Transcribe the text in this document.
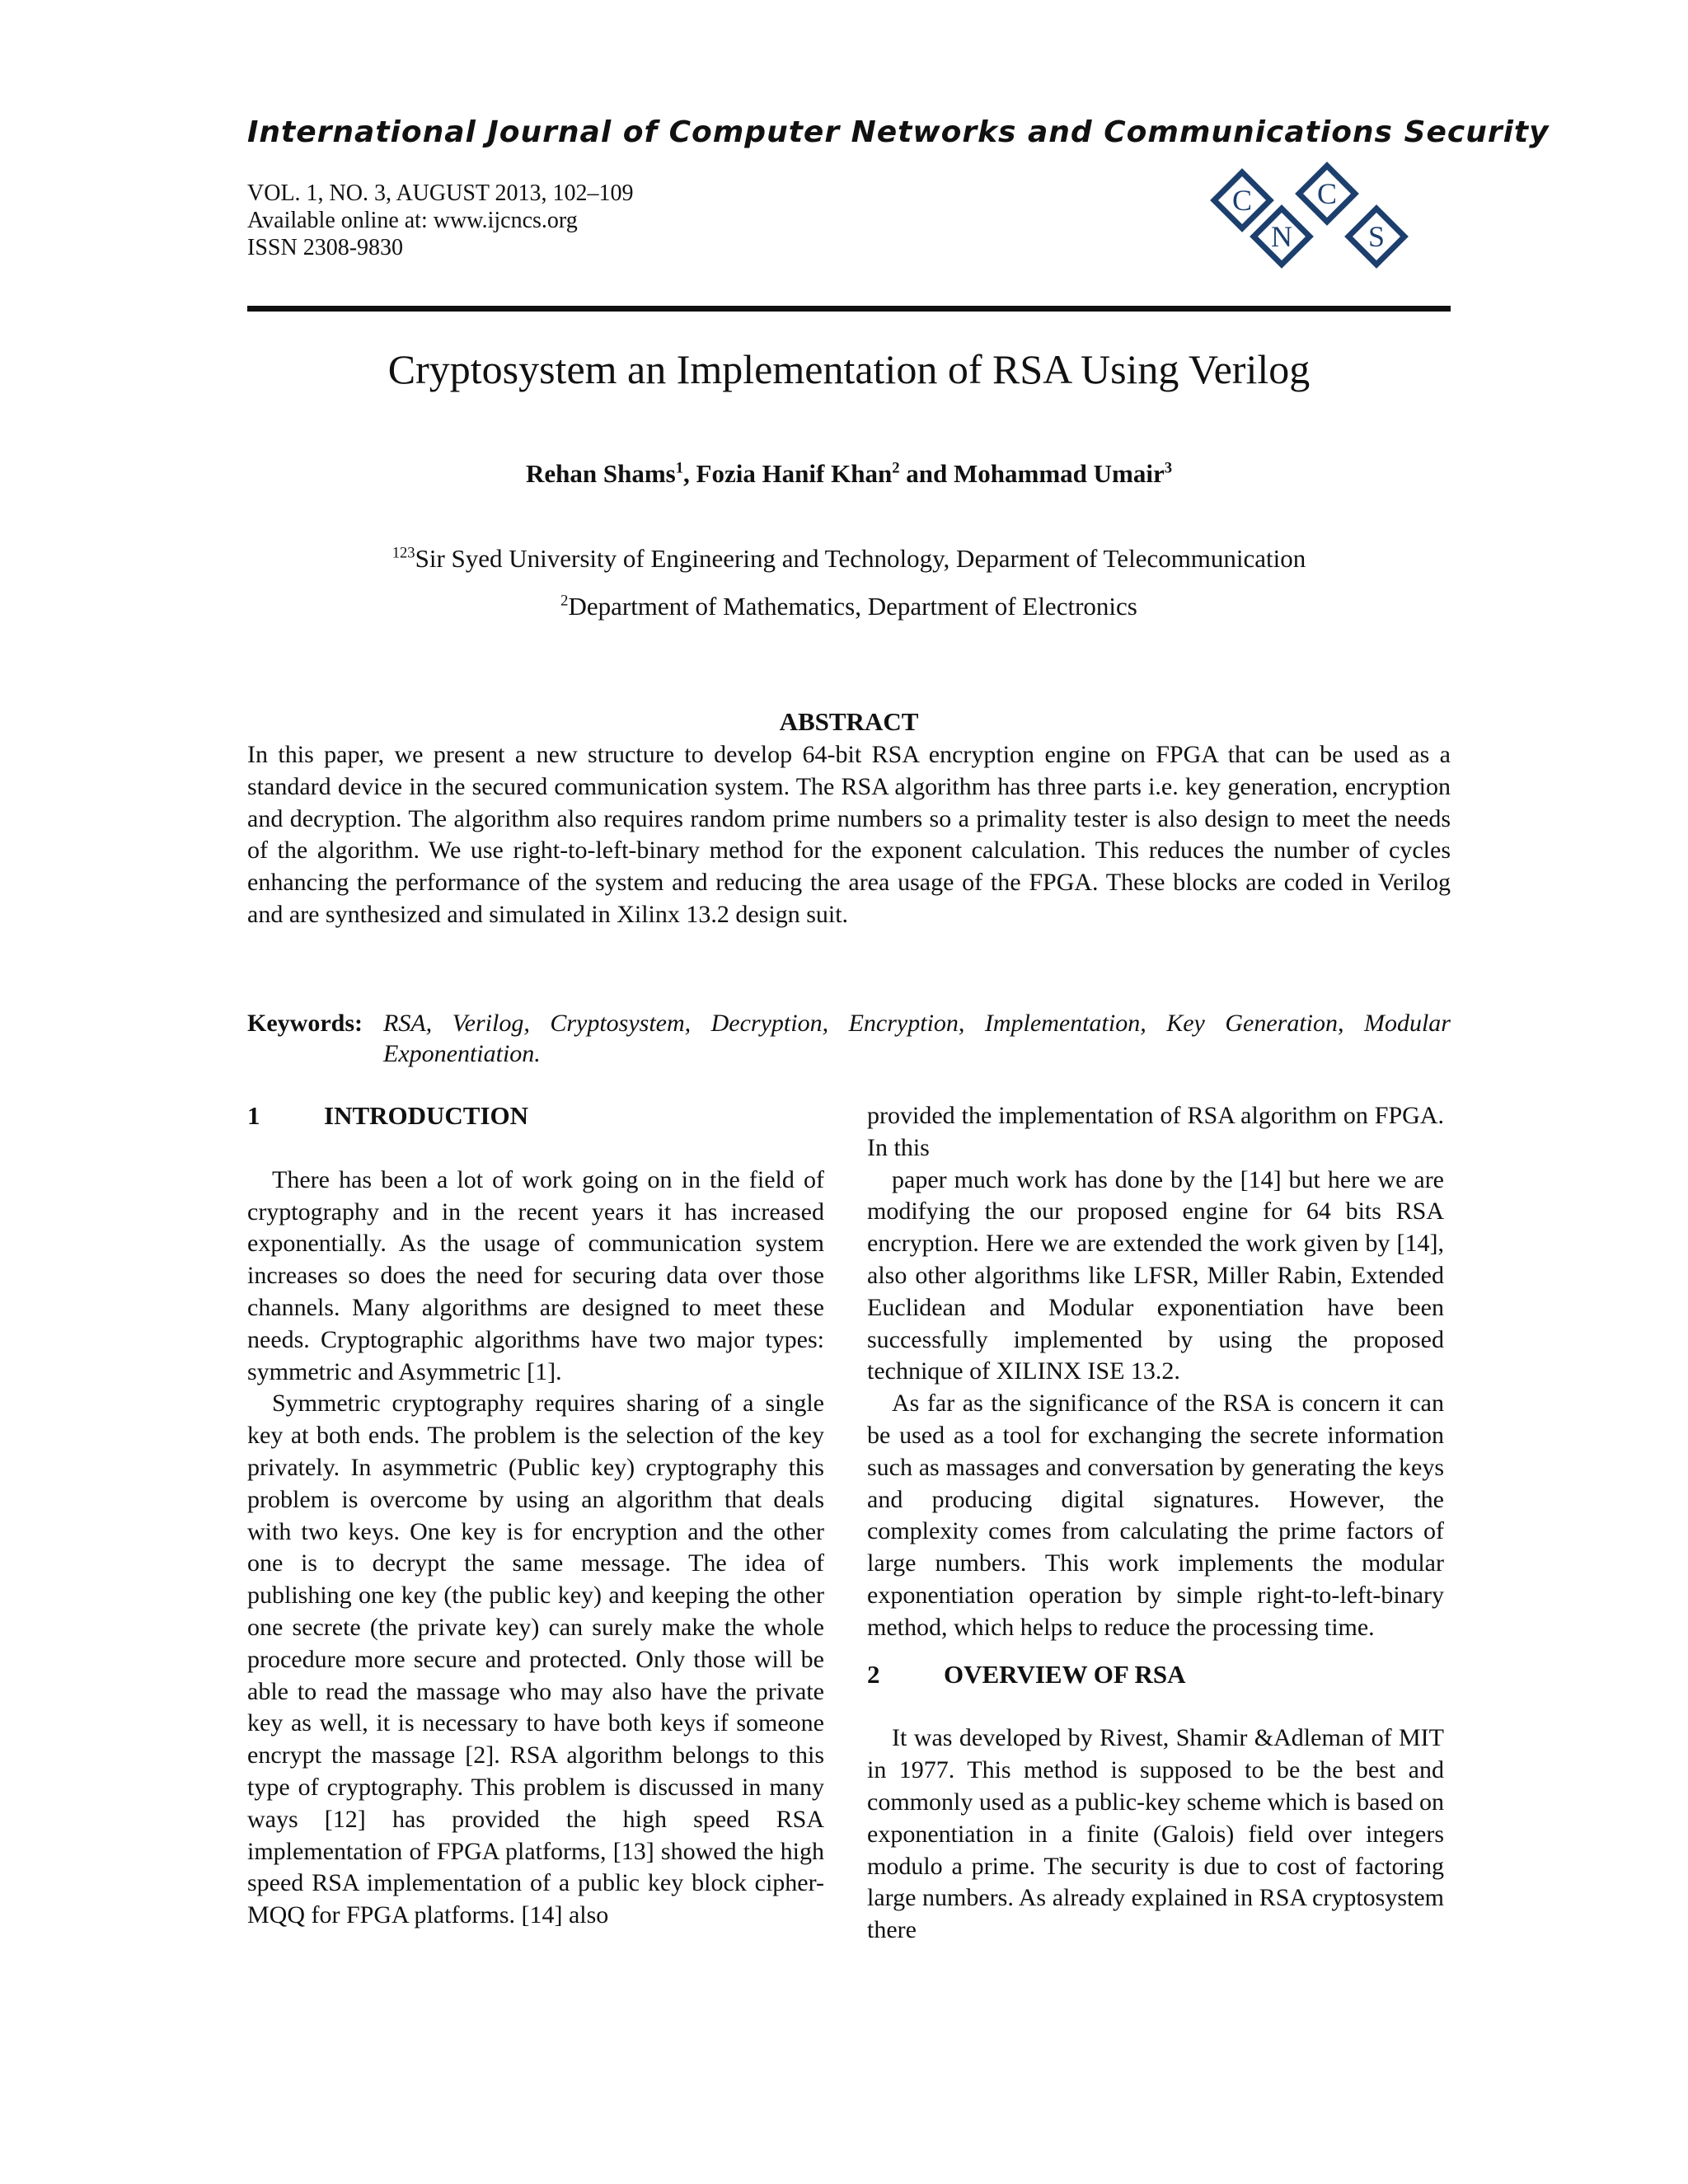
International Journal of Computer Networks and Communications Security
VOL. 1, NO. 3, AUGUST 2013, 102–109
Available online at: www.ijcncs.org
ISSN 2308-9830
C
N
C
S
Cryptosystem an Implementation of RSA Using Verilog
Rehan Shams$^1$, Fozia Hanif Khan$^2$ and Mohammad Umair$^3$
$^{123}$Sir Syed University of Engineering and Technology, Deparment of Telecommunication
$^2$Department of Mathematics, Department of Electronics
ABSTRACT

In this paper, we present a new structure to develop 64-bit RSA encryption engine on FPGA that can be used as a standard device in the secured communication system. The RSA algorithm has three parts i.e. key generation, encryption and decryption. The algorithm also requires random prime numbers so a primality tester is also design to meet the needs of the algorithm. We use right-to-left-binary method for the exponent calculation. This reduces the number of cycles enhancing the performance of the system and reducing the area usage of the FPGA. These blocks are coded in Verilog and are synthesized and simulated in Xilinx 13.2 design suit.

Keywords: RSA, Verilog, Cryptosystem, Decryption, Encryption, Implementation, Key Generation, Modular Exponentiation.
1	INTRODUCTION

There has been a lot of work going on in the field of cryptography and in the recent years it has increased exponentially. As the usage of communication system increases so does the need for securing data over those channels. Many algorithms are designed to meet these needs. Cryptographic algorithms have two major types: symmetric and Asymmetric [1].

Symmetric cryptography requires sharing of a single key at both ends. The problem is the selection of the key privately. In asymmetric (Public key) cryptography this problem is overcome by using an algorithm that deals with two keys. One key is for encryption and the other one is to decrypt the same message. The idea of publishing one key (the public key) and keeping the other one secrete (the private key) can surely make the whole procedure more secure and protected. Only those will be able to read the massage who may also have the private key as well, it is necessary to have both keys if someone encrypt the massage [2]. RSA algorithm belongs to this type of cryptography. This problem is discussed in many ways [12] has provided the high speed RSA implementation of FPGA platforms, [13] showed the high speed RSA implementation of a public key block cipher-MQQ for FPGA platforms. [14] also

provided the implementation of RSA algorithm on FPGA. In this

paper much work has done by the [14] but here we are modifying the our proposed engine for 64 bits RSA encryption. Here we are extended the work given by [14], also other algorithms like LFSR, Miller Rabin, Extended Euclidean and Modular exponentiation have been successfully implemented by using the proposed technique of XILINX ISE 13.2.

As far as the significance of the RSA is concern it can be used as a tool for exchanging the secrete information such as massages and conversation by generating the keys and producing digital signatures. However, the complexity comes from calculating the prime factors of large numbers. This work implements the modular exponentiation operation by simple right-to-left-binary method, which helps to reduce the processing time.

2	OVERVIEW OF RSA

It was developed by Rivest, Shamir &Adleman of MIT in 1977. This method is supposed to be the best and commonly used as a public-key scheme which is based on exponentiation in a finite (Galois) field over integers modulo a prime. The security is due to cost of factoring large numbers. As already explained in RSA cryptosystem there
